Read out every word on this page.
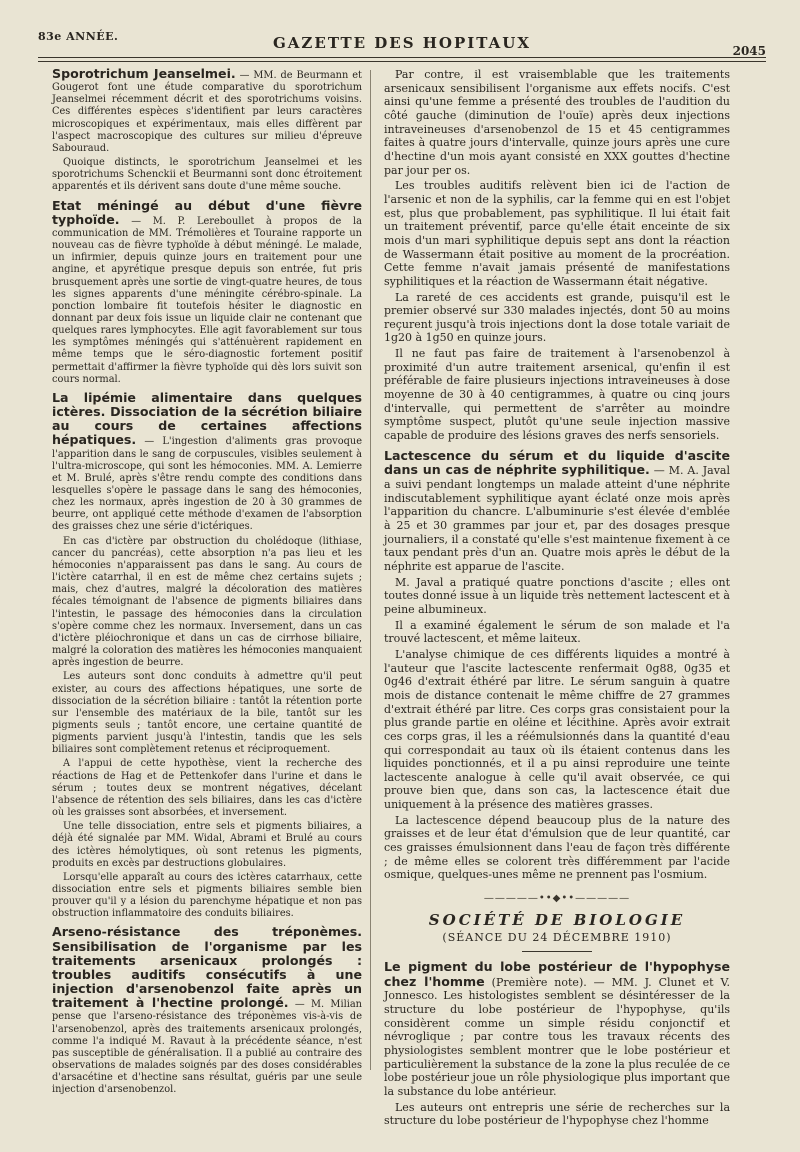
83e ANNÉE.	GAZETTE DES HOPITAUX	2045

Sporotrichum Jeanselmei. — MM. de Beurmann et Gougerot font une étude comparative du sporotrichum Jeanselmei récemment décrit et des sporotrichums voisins. Ces différentes espèces s'identifient par leurs caractères microscopiques et expérimentaux, mais elles diffèrent par l'aspect macroscopique des cultures sur milieu d'épreuve Sabouraud.

Quoique distincts, le sporotrichum Jeanselmei et les sporotrichums Schenckii et Beurmanni sont donc étroitement apparentés et ils dérivent sans doute d'une même souche.

Etat méningé au début d'une fièvre typhoïde. — M. P. Lereboullet à propos de la communication de MM. Trémolières et Touraine rapporte un nouveau cas de fièvre typhoïde à début méningé. Le malade, un infirmier, depuis quinze jours en traitement pour une angine, et apyrétique presque depuis son entrée, fut pris brusquement après une sortie de vingt-quatre heures, de tous les signes apparents d'une méningite cérébro-spinale. La ponction lombaire fit toutefois hésiter le diagnostic en donnant par deux fois issue un liquide clair ne contenant que quelques rares lymphocytes. Elle agit favorablement sur tous les symptômes méningés qui s'atténuèrent rapidement en même temps que le séro-diagnostic fortement positif permettait d'affirmer la fièvre typhoïde qui dès lors suivit son cours normal.

La lipémie alimentaire dans quelques ictères. Dissociation de la sécrétion biliaire au cours de certaines affections hépatiques. — L'ingestion d'aliments gras provoque l'apparition dans le sang de corpuscules, visibles seulement à l'ultra-microscope, qui sont les hémoconies. MM. A. Lemierre et M. Brulé, après s'être rendu compte des conditions dans lesquelles s'opère le passage dans le sang des hémoconies, chez les normaux, après ingestion de 20 à 30 grammes de beurre, ont appliqué cette méthode d'examen de l'absorption des graisses chez une série d'ictériques.

En cas d'ictère par obstruction du cholédoque (lithiase, cancer du pancréas), cette absorption n'a pas lieu et les hémoconies n'apparaissent pas dans le sang. Au cours de l'ictère catarrhal, il en est de même chez certains sujets ; mais, chez d'autres, malgré la décoloration des matières fécales témoignant de l'absence de pigments biliaires dans l'intestin, le passage des hémoconies dans la circulation s'opère comme chez les normaux. Inversement, dans un cas d'ictère pléiochronique et dans un cas de cirrhose biliaire, malgré la coloration des matières les hémoconies manquaient après ingestion de beurre.

Les auteurs sont donc conduits à admettre qu'il peut exister, au cours des affections hépatiques, une sorte de dissociation de la sécrétion biliaire : tantôt la rétention porte sur l'ensemble des matériaux de la bile, tantôt sur les pigments seuls ; tantôt encore, une certaine quantité de pigments parvient jusqu'à l'intestin, tandis que les sels biliaires sont complètement retenus et réciproquement.

A l'appui de cette hypothèse, vient la recherche des réactions de Hag et de Pettenkofer dans l'urine et dans le sérum ; toutes deux se montrent négatives, décelant l'absence de rétention des sels biliaires, dans les cas d'ictère où les graisses sont absorbées, et inversement.

Une telle dissociation, entre sels et pigments biliaires, a déjà été signalée par MM. Widal, Abrami et Brulé au cours des ictères hémolytiques, où sont retenus les pigments, produits en excès par destructions globulaires.

Lorsqu'elle apparaît au cours des ictères catarrhaux, cette dissociation entre sels et pigments biliaires semble bien prouver qu'il y a lésion du parenchyme hépatique et non pas obstruction inflammatoire des conduits biliaires.

Arseno-résistance des tréponèmes. Sensibilisation de l'organisme par les traitements arsenicaux prolongés : troubles auditifs consécutifs à une injection d'arsenobenzol faite après un traitement à l'hectine prolongé. — M. Milian pense que l'arseno-résistance des tréponèmes vis-à-vis de l'arsenobenzol, après des traitements arsenicaux prolongés, comme l'a indiqué M. Ravaut à la précédente séance, n'est pas susceptible de généralisation. Il a publié au contraire des observations de malades soignés par des doses considérables d'arsacétine et d'hectine sans résultat, guéris par une seule injection d'arsenobenzol.

Par contre, il est vraisemblable que les traitements arsenicaux sensibilisent l'organisme aux effets nocifs. C'est ainsi qu'une femme a présenté des troubles de l'audition du côté gauche (diminution de l'ouïe) après deux injections intraveineuses d'arsenobenzol de 15 et 45 centigrammes faites à quatre jours d'intervalle, quinze jours après une cure d'hectine d'un mois ayant consisté en XXX gouttes d'hectine par jour per os.

Les troubles auditifs relèvent bien ici de l'action de l'arsenic et non de la syphilis, car la femme qui en est l'objet est, plus que probablement, pas syphilitique. Il lui était fait un traitement préventif, parce qu'elle était enceinte de six mois d'un mari syphilitique depuis sept ans dont la réaction de Wassermann était positive au moment de la procréation. Cette femme n'avait jamais présenté de manifestations syphilitiques et la réaction de Wassermann était négative.

La rareté de ces accidents est grande, puisqu'il est le premier observé sur 330 malades injectés, dont 50 au moins reçurent jusqu'à trois injections dont la dose totale variait de 1g20 à 1g50 en quinze jours.

Il ne faut pas faire de traitement à l'arsenobenzol à proximité d'un autre traitement arsenical, qu'enfin il est préférable de faire plusieurs injections intraveineuses à dose moyenne de 30 à 40 centigrammes, à quatre ou cinq jours d'intervalle, qui permettent de s'arrêter au moindre symptôme suspect, plutôt qu'une seule injection massive capable de produire des lésions graves des nerfs sensoriels.

Lactescence du sérum et du liquide d'ascite dans un cas de néphrite syphilitique. — M. A. Javal a suivi pendant longtemps un malade atteint d'une néphrite indiscutablement syphilitique ayant éclaté onze mois après l'apparition du chancre. L'albuminurie s'est élevée d'emblée à 25 et 30 grammes par jour et, par des dosages presque journaliers, il a constaté qu'elle s'est maintenue fixement à ce taux pendant près d'un an. Quatre mois après le début de la néphrite est apparue de l'ascite.

M. Javal a pratiqué quatre ponctions d'ascite ; elles ont toutes donné issue à un liquide très nettement lactescent et à peine albumineux.

Il a examiné également le sérum de son malade et l'a trouvé lactescent, et même laiteux.

L'analyse chimique de ces différents liquides a montré à l'auteur que l'ascite lactescente renfermait 0g88, 0g35 et 0g46 d'extrait éthéré par litre. Le sérum sanguin à quatre mois de distance contenait le même chiffre de 27 grammes d'extrait éthéré par litre. Ces corps gras consistaient pour la plus grande partie en oléine et lécithine. Après avoir extrait ces corps gras, il les a réémulsionnés dans la quantité d'eau qui correspondait au taux où ils étaient contenus dans les liquides ponctionnés, et il a pu ainsi reproduire une teinte lactescente analogue à celle qu'il avait observée, ce qui prouve bien que, dans son cas, la lactescence était due uniquement à la présence des matières grasses.

La lactescence dépend beaucoup plus de la nature des graisses et de leur état d'émulsion que de leur quantité, car ces graisses émulsionnent dans l'eau de façon très différente ; de même elles se colorent très différemment par l'acide osmique, quelques-unes même ne prennent pas l'osmium.

—————••◆••—————
SOCIÉTÉ DE BIOLOGIE
(SÉANCE DU 24 DÉCEMBRE 1910)

Le pigment du lobe postérieur de l'hypophyse chez l'homme (Première note). — MM. J. Clunet et V. Jonnesco. Les histologistes semblent se désintéresser de la structure du lobe postérieur de l'hypophyse, qu'ils considèrent comme un simple résidu conjonctif et névroglique ; par contre tous les travaux récents des physiologistes semblent montrer que le lobe postérieur et particulièrement la substance de la zone la plus reculée de ce lobe postérieur joue un rôle physiologique plus important que la substance du lobe antérieur.

Les auteurs ont entrepris une série de recherches sur la structure du lobe postérieur de l'hypophyse chez l'homme
